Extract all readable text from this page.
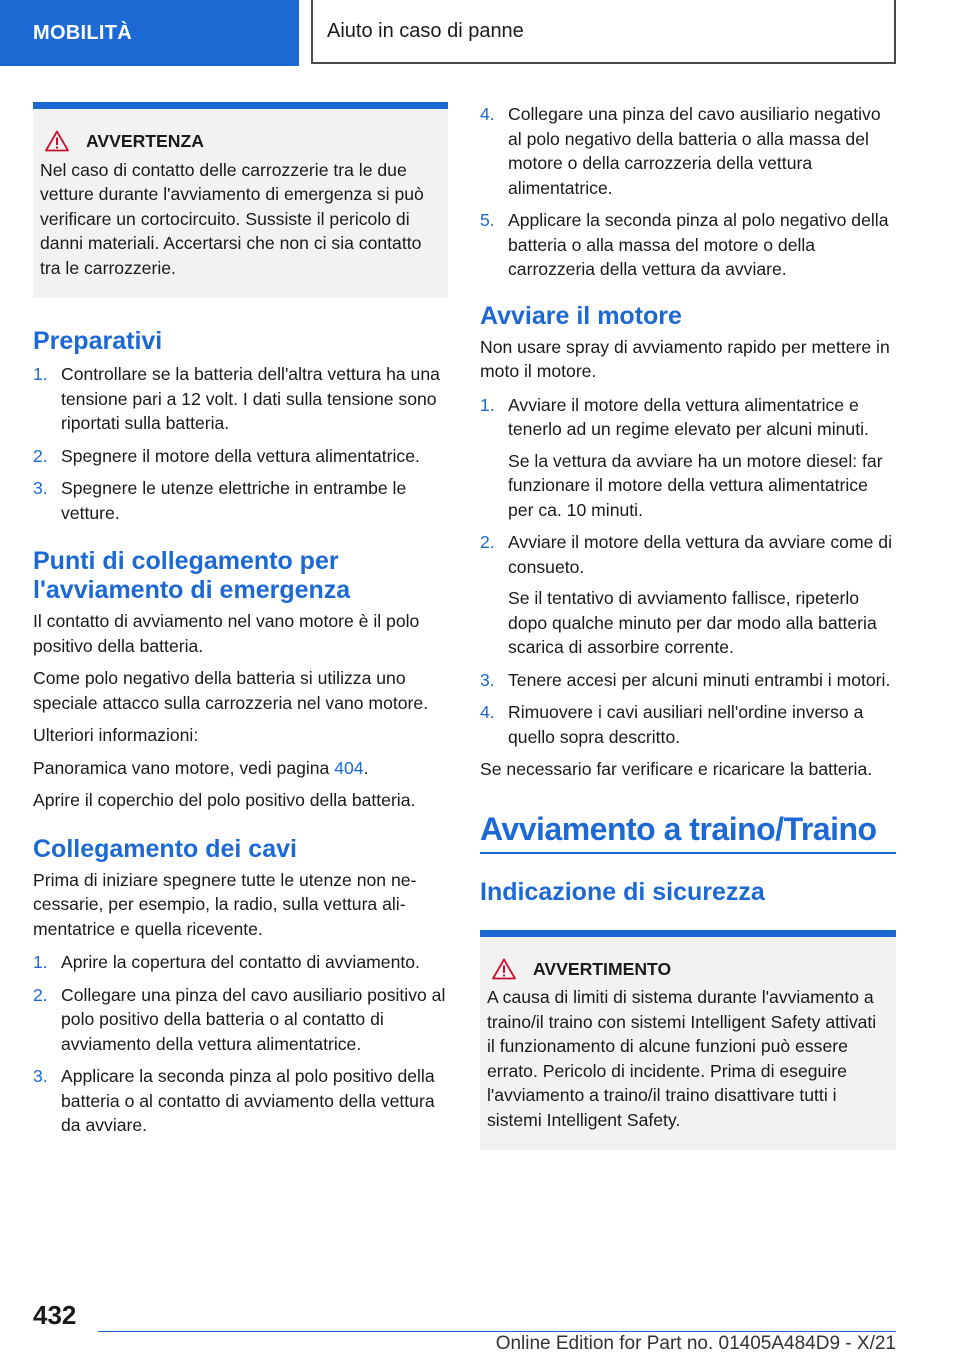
MOBILITÀ	Aiuto in caso di panne
AVVERTENZA

Nel caso di contatto delle carrozzerie tra le due vetture durante l'avviamento di emergenza si può verificare un cortocircuito. Sussiste il pericolo di danni materiali. Accertarsi che non ci sia contatto tra le carrozzerie.

Preparativi
1. Controllare se la batteria dell'altra vettura ha una tensione pari a 12 volt. I dati sulla tensione sono riportati sulla batteria.
2. Spegnere il motore della vettura alimentatrice.
3. Spegnere le utenze elettriche in entrambe le vetture.
Punti di collegamento per l'avviamento di emergenza

Il contatto di avviamento nel vano motore è il polo positivo della batteria.

Come polo negativo della batteria si utilizza uno speciale attacco sulla carrozzeria nel vano motore.

Ulteriori informazioni:

Panoramica vano motore, vedi pagina 404.

Aprire il coperchio del polo positivo della batteria.

Collegamento dei cavi

Prima di iniziare spegnere tutte le utenze non necessarie, per esempio, la radio, sulla vettura alimentatrice e quella ricevente.

1. Aprire la copertura del contatto di avviamento.
2. Collegare una pinza del cavo ausiliario positivo al polo positivo della batteria o al contatto di avviamento della vettura alimentatrice.
3. Applicare la seconda pinza al polo positivo della batteria o al contatto di avviamento della vettura da avviare.
4. Collegare una pinza del cavo ausiliario negativo al polo negativo della batteria o alla massa del motore o della carrozzeria della vettura alimentatrice.
5. Applicare la seconda pinza al polo negativo della batteria o alla massa del motore o della carrozzeria della vettura da avviare.
Avviare il motore

Non usare spray di avviamento rapido per mettere in moto il motore.

1. Avviare il motore della vettura alimentatrice e tenerlo ad un regime elevato per alcuni minuti.

Se la vettura da avviare ha un motore diesel: far funzionare il motore della vettura alimentatrice per ca. 10 minuti.

2. Avviare il motore della vettura da avviare come di consueto.

Se il tentativo di avviamento fallisce, ripeterlo dopo qualche minuto per dar modo alla batteria scarica di assorbire corrente.

3. Tenere accesi per alcuni minuti entrambi i motori.
4. Rimuovere i cavi ausiliari nell'ordine inverso a quello sopra descritto.

Se necessario far verificare e ricaricare la batteria.

Avviamento a traino/Traino
Indicazione di sicurezza
AVVERTIMENTO

A causa di limiti di sistema durante l'avviamento a traino/il traino con sistemi Intelligent Safety attivati il funzionamento di alcune funzioni può essere errato. Pericolo di incidente. Prima di eseguire l'avviamento a traino/il traino disattivare tutti i sistemi Intelligent Safety.

432
Online Edition for Part no. 01405A484D9 - X/21
